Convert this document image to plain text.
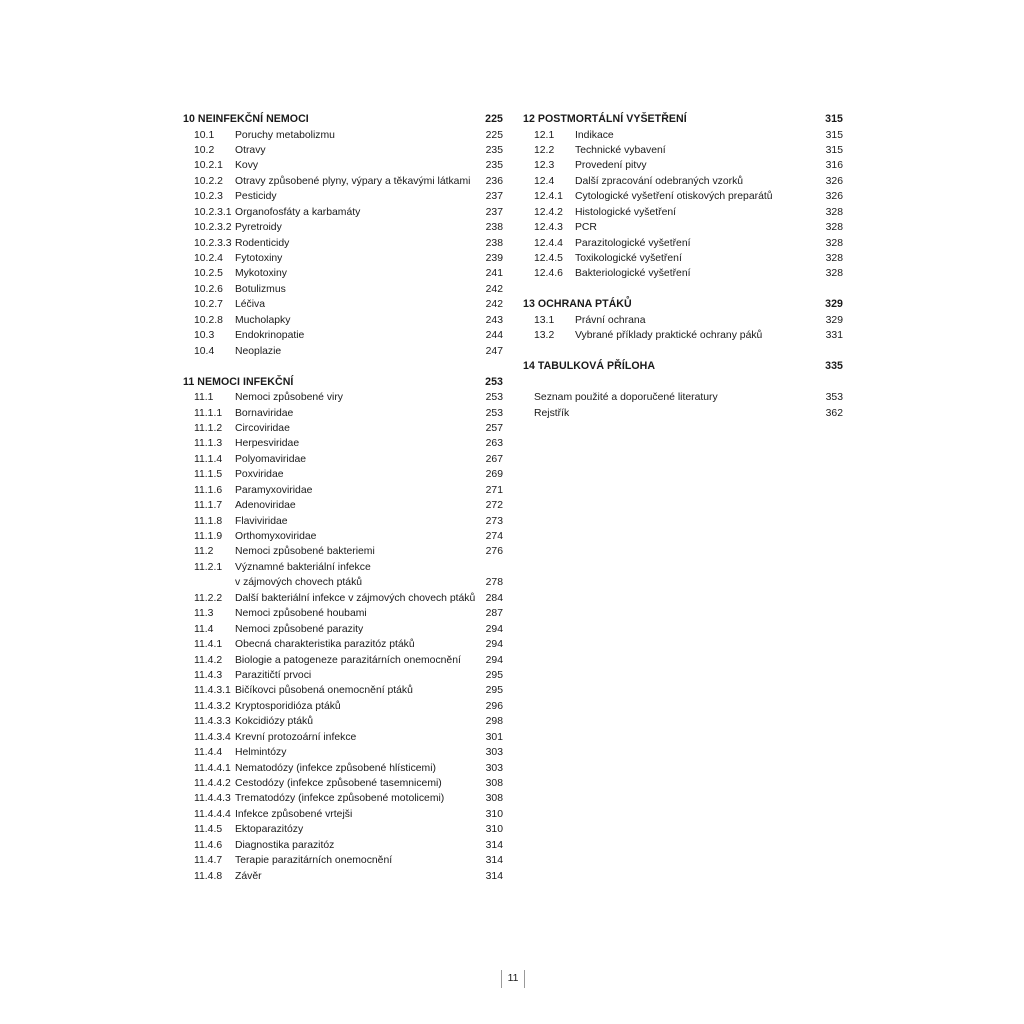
10 NEINFEKČNÍ NEMOCI	225
10.1	Poruchy metabolizmu	225
10.2	Otravy	235
10.2.1	Kovy	235
10.2.2	Otravy způsobené plyny, výpary a těkavými látkami	236
10.2.3	Pesticidy	237
10.2.3.1 Organofosfáty a karbamáty	237
10.2.3.2 Pyretroidy	238
10.2.3.3 Rodenticidy	238
10.2.4	Fytotoxiny	239
10.2.5	Mykotoxiny	241
10.2.6	Botulizmus	242
10.2.7	Léčiva	242
10.2.8	Mucholapky	243
10.3	Endokrinopatie	244
10.4	Neoplazie	247
11 NEMOCI INFEKČNÍ	253
11.1	Nemoci způsobené viry	253
11.1.1	Bornaviridae	253
11.1.2	Circoviridae	257
11.1.3	Herpesviridae	263
11.1.4	Polyomaviridae	267
11.1.5	Poxviridae	269
11.1.6	Paramyxoviridae	271
11.1.7	Adenoviridae	272
11.1.8	Flaviviridae	273
11.1.9	Orthomyxoviridae	274
11.2	Nemoci způsobené bakteriemi	276
11.2.1	Významné bakteriální infekce
v zájmových chovech ptáků	278
11.2.2	Další bakteriální infekce v zájmových chovech ptáků 284
11.3	Nemoci způsobené houbami	287
11.4	Nemoci způsobené parazity	294
11.4.1	Obecná charakteristika parazitóz ptáků	294
11.4.2	Biologie a patogeneze parazitárních onemocnění	294
11.4.3	Parazitičtí prvoci	295
11.4.3.1 Bičíkovci působená onemocnění ptáků	295
11.4.3.2 Kryptosporidióza ptáků	296
11.4.3.3 Kokcidiózy ptáků	298
11.4.3.4 Krevní protozoární infekce	301
11.4.4	Helmintózy	303
11.4.4.1 Nematodózy (infekce způsobené hlísticemi)	303
11.4.4.2 Cestodózy (infekce způsobené tasemnicemi)	308
11.4.4.3 Trematodózy (infekce způsobené motolicemi)	308
11.4.4.4 Infekce způsobené vrtejši	310
11.4.5	Ektoparazitózy	310
11.4.6	Diagnostika parazitóz	314
11.4.7	Terapie parazitárních onemocnění	314
11.4.8	Závěr	314
12 POSTMORTÁLNÍ VYŠETŘENÍ	315
12.1	Indikace	315
12.2	Technické vybavení	315
12.3	Provedení pitvy	316
12.4	Další zpracování odebraných vzorků	326
12.4.1	Cytologické vyšetření otiskových preparátů	326
12.4.2	Histologické vyšetření	328
12.4.3	PCR	328
12.4.4	Parazitologické vyšetření	328
12.4.5	Toxikologické vyšetření	328
12.4.6	Bakteriologické vyšetření	328
13 OCHRANA PTÁKŮ	329
13.1	Právní ochrana	329
13.2	Vybrané příklady praktické ochrany páků	331
14 TABULKOVÁ PŘÍLOHA	335
Seznam použité a doporučené literatury	353
Rejstřík	362
11
